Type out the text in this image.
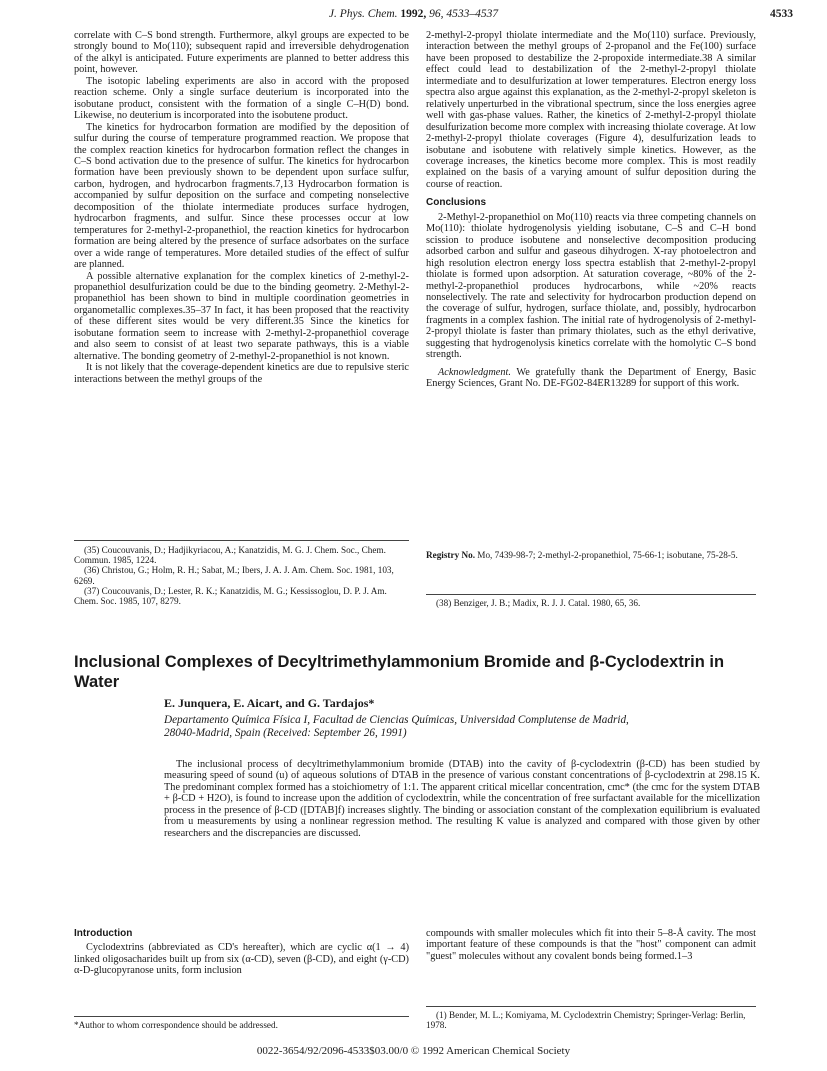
J. Phys. Chem. 1992, 96, 4533–4537	4533

correlate with C–S bond strength. Furthermore, alkyl groups are expected to be strongly bound to Mo(110); subsequent rapid and irreversible dehydrogenation of the alkyl is anticipated. Future experiments are planned to better address this point, however.

The isotopic labeling experiments are also in accord with the proposed reaction scheme. Only a single surface deuterium is incorporated into the isobutane product, consistent with the formation of a single C–H(D) bond. Likewise, no deuterium is incorporated into the isobutene product.

The kinetics for hydrocarbon formation are modified by the deposition of sulfur during the course of temperature programmed reaction. We propose that the complex reaction kinetics for hydrocarbon formation reflect the changes in C–S bond activation due to the presence of sulfur. The kinetics for hydrocarbon formation have been previously shown to be dependent upon surface sulfur, carbon, hydrogen, and hydrocarbon fragments.7,13 Hydrocarbon formation is accompanied by sulfur deposition on the surface and competing nonselective decomposition of the thiolate intermediate produces surface hydrogen, hydrocarbon fragments, and sulfur. Since these processes occur at low temperatures for 2-methyl-2-propanethiol, the reaction kinetics for hydrocarbon formation are being altered by the presence of surface adsorbates on the surface over a wide range of temperatures. More detailed studies of the effect of sulfur are planned.

A possible alternative explanation for the complex kinetics of 2-methyl-2-propanethiol desulfurization could be due to the binding geometry. 2-Methyl-2-propanethiol has been shown to bind in multiple coordination geometries in organometallic complexes.35–37 In fact, it has been proposed that the reactivity of these different sites would be very different.35 Since the kinetics for isobutane formation seem to increase with 2-methyl-2-propanethiol coverage and also seem to consist of at least two separate pathways, this is a viable alternative. The bonding geometry of 2-methyl-2-propanethiol is not known.

It is not likely that the coverage-dependent kinetics are due to repulsive steric interactions between the methyl groups of the

2-methyl-2-propyl thiolate intermediate and the Mo(110) surface. Previously, interaction between the methyl groups of 2-propanol and the Fe(100) surface have been proposed to destabilize the 2-propoxide intermediate.38 A similar effect could lead to destabilization of the 2-methyl-2-propyl thiolate intermediate and to desulfurization at lower temperatures. Electron energy loss spectra also argue against this explanation, as the 2-methyl-2-propyl skeleton is relatively unperturbed in the vibrational spectrum, since the loss energies agree well with gas-phase values. Rather, the kinetics of 2-methyl-2-propyl thiolate desulfurization become more complex with increasing thiolate coverage. At low 2-methyl-2-propyl thiolate coverages (Figure 4), desulfurization leads to isobutane and isobutene with relatively simple kinetics. However, as the coverage increases, the kinetics become more complex. This is most readily explained on the basis of a varying amount of sulfur deposition during the course of reaction.

Conclusions

2-Methyl-2-propanethiol on Mo(110) reacts via three competing channels on Mo(110): thiolate hydrogenolysis yielding isobutane, C–S and C–H bond scission to produce isobutene and nonselective decomposition producing adsorbed carbon and sulfur and gaseous dihydrogen. X-ray photoelectron and high resolution electron energy loss spectra establish that 2-methyl-2-propyl thiolate is formed upon adsorption. At saturation coverage, ~80% of the 2-methyl-2-propanethiol produces hydrocarbons, while ~20% reacts nonselectively. The rate and selectivity for hydrocarbon production depend on the coverage of sulfur, hydrogen, surface thiolate, and, possibly, hydrocarbon fragments in a complex fashion. The initial rate of hydrogenolysis of 2-methyl-2-propyl thiolate is faster than primary thiolates, such as the ethyl derivative, suggesting that hydrogenolysis kinetics correlate with the homolytic C–S bond strength.

Acknowledgment. We gratefully thank the Department of Energy, Basic Energy Sciences, Grant No. DE-FG02-84ER13289 for support of this work.

(35) Coucouvanis, D.; Hadjikyriacou, A.; Kanatzidis, M. G. J. Chem. Soc., Chem. Commun. 1985, 1224.

(36) Christou, G.; Holm, R. H.; Sabat, M.; Ibers, J. A. J. Am. Chem. Soc. 1981, 103, 6269.

(37) Coucouvanis, D.; Lester, R. K.; Kanatzidis, M. G.; Kessissoglou, D. P. J. Am. Chem. Soc. 1985, 107, 8279.

Registry No. Mo, 7439-98-7; 2-methyl-2-propanethiol, 75-66-1; isobutane, 75-28-5.

(38) Benziger, J. B.; Madix, R. J. J. Catal. 1980, 65, 36.

Inclusional Complexes of Decyltrimethylammonium Bromide and β-Cyclodextrin in Water
E. Junquera, E. Aicart, and G. Tardajos*
Departamento Química Física I, Facultad de Ciencias Químicas, Universidad Complutense de Madrid,
28040-Madrid, Spain (Received: September 26, 1991)

The inclusional process of decyltrimethylammonium bromide (DTAB) into the cavity of β-cyclodextrin (β-CD) has been studied by measuring speed of sound (u) of aqueous solutions of DTAB in the presence of various constant concentrations of β-cyclodextrin at 298.15 K. The predominant complex formed has a stoichiometry of 1:1. The apparent critical micellar concentration, cmc* (the cmc for the system DTAB + β-CD + H2O), is found to increase upon the addition of cyclodextrin, while the concentration of free surfactant available for the micellization process in the presence of β-CD ([DTAB]f) increases slightly. The binding or association constant of the complexation equilibrium is evaluated from u measurements by using a nonlinear regression method. The resulting K value is analyzed and compared with those given by other researchers and the discrepancies are discussed.

Introduction

Cyclodextrins (abbreviated as CD's hereafter), which are cyclic α(1 → 4) linked oligosacharides built up from six (α-CD), seven (β-CD), and eight (γ-CD) α-D-glucopyranose units, form inclusion

compounds with smaller molecules which fit into their 5–8-Å cavity. The most important feature of these compounds is that the "host" component can admit "guest" molecules without any covalent bonds being formed.1–3

*Author to whom correspondence should be addressed.

(1) Bender, M. L.; Komiyama, M. Cyclodextrin Chemistry; Springer-Verlag: Berlin, 1978.

0022-3654/92/2096-4533$03.00/0 © 1992 American Chemical Society
